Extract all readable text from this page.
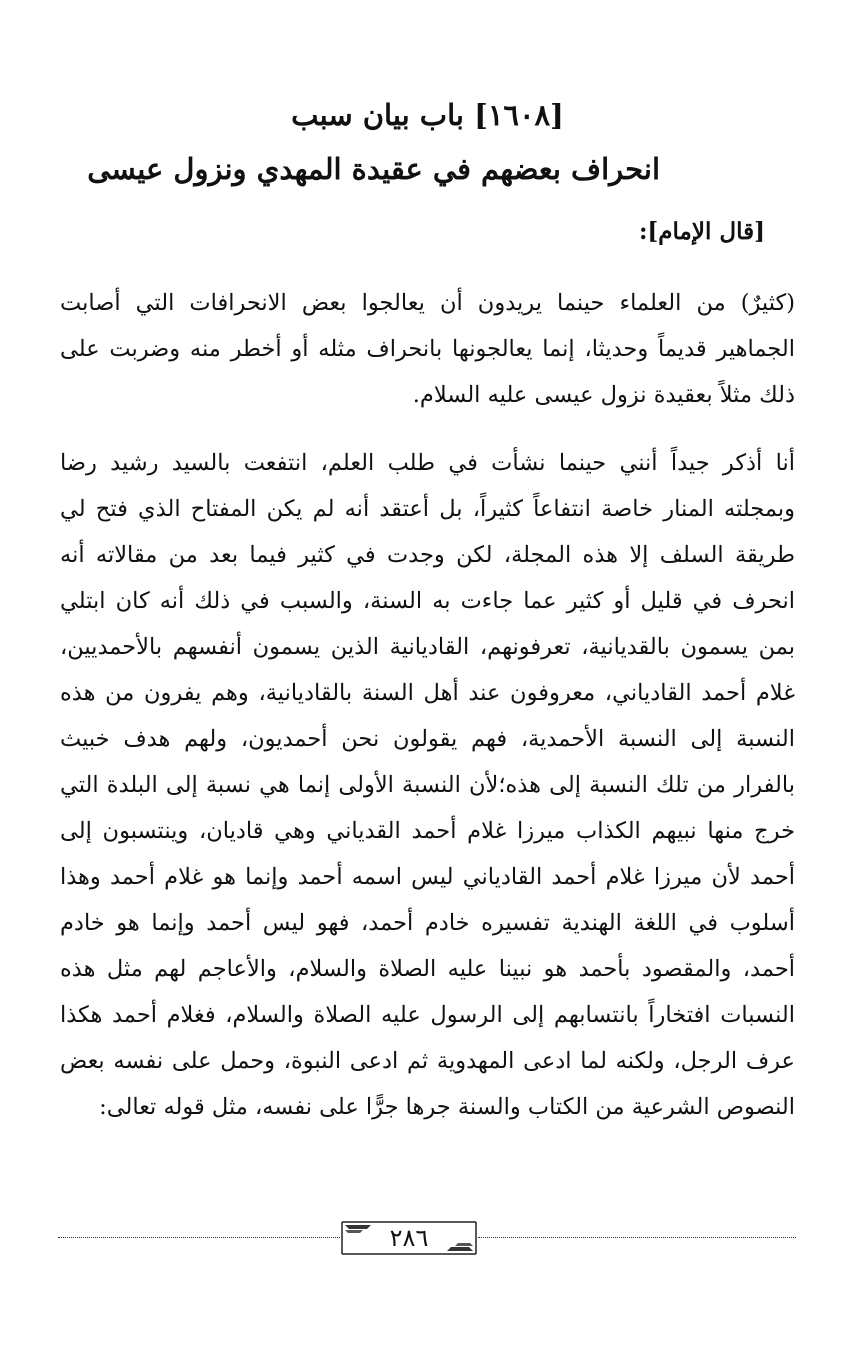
[١٦٠٨] باب بيان سبب
انحراف بعضهم في عقيدة المهدي ونزول عيسى
[قال الإمام]:

(كثيرٌ) من العلماء حينما يريدون أن يعالجوا بعض الانحرافات التي أصابت الجماهير قديماً وحديثا، إنما يعالجونها بانحراف مثله أو أخطر منه وضربت على ذلك مثلاً بعقيدة نزول عيسى عليه السلام.

أنا أذكر جيداً أنني حينما نشأت في طلب العلم، انتفعت بالسيد رشيد رضا وبمجلته المنار خاصة انتفاعاً كثيراً، بل أعتقد أنه لم يكن المفتاح الذي فتح لي طريقة السلف إلا هذه المجلة، لكن وجدت في كثير فيما بعد من مقالاته أنه انحرف في قليل أو كثير عما جاءت به السنة، والسبب في ذلك أنه كان ابتلي بمن يسمون بالقديانية، تعرفونهم، القاديانية الذين يسمون أنفسهم بالأحمديين، غلام أحمد القادياني، معروفون عند أهل السنة بالقاديانية، وهم يفرون من هذه النسبة إلى النسبة الأحمدية، فهم يقولون نحن أحمديون، ولهم هدف خبيث بالفرار من تلك النسبة إلى هذه؛لأن النسبة الأولى إنما هي نسبة إلى البلدة التي خرج منها نبيهم الكذاب ميرزا غلام أحمد القدياني وهي قاديان، وينتسبون إلى أحمد لأن ميرزا غلام أحمد القادياني ليس اسمه أحمد وإنما هو غلام أحمد وهذا أسلوب في اللغة الهندية تفسيره خادم أحمد، فهو ليس أحمد وإنما هو خادم أحمد، والمقصود بأحمد هو نبينا عليه الصلاة والسلام، والأعاجم لهم مثل هذه النسبات افتخاراً بانتسابهم إلى الرسول عليه الصلاة والسلام، فغلام أحمد هكذا عرف الرجل، ولكنه لما ادعى المهدوية ثم ادعى النبوة، وحمل على نفسه بعض النصوص الشرعية من الكتاب والسنة جرها جرًّا على نفسه، مثل قوله تعالى:

٢٨٦
